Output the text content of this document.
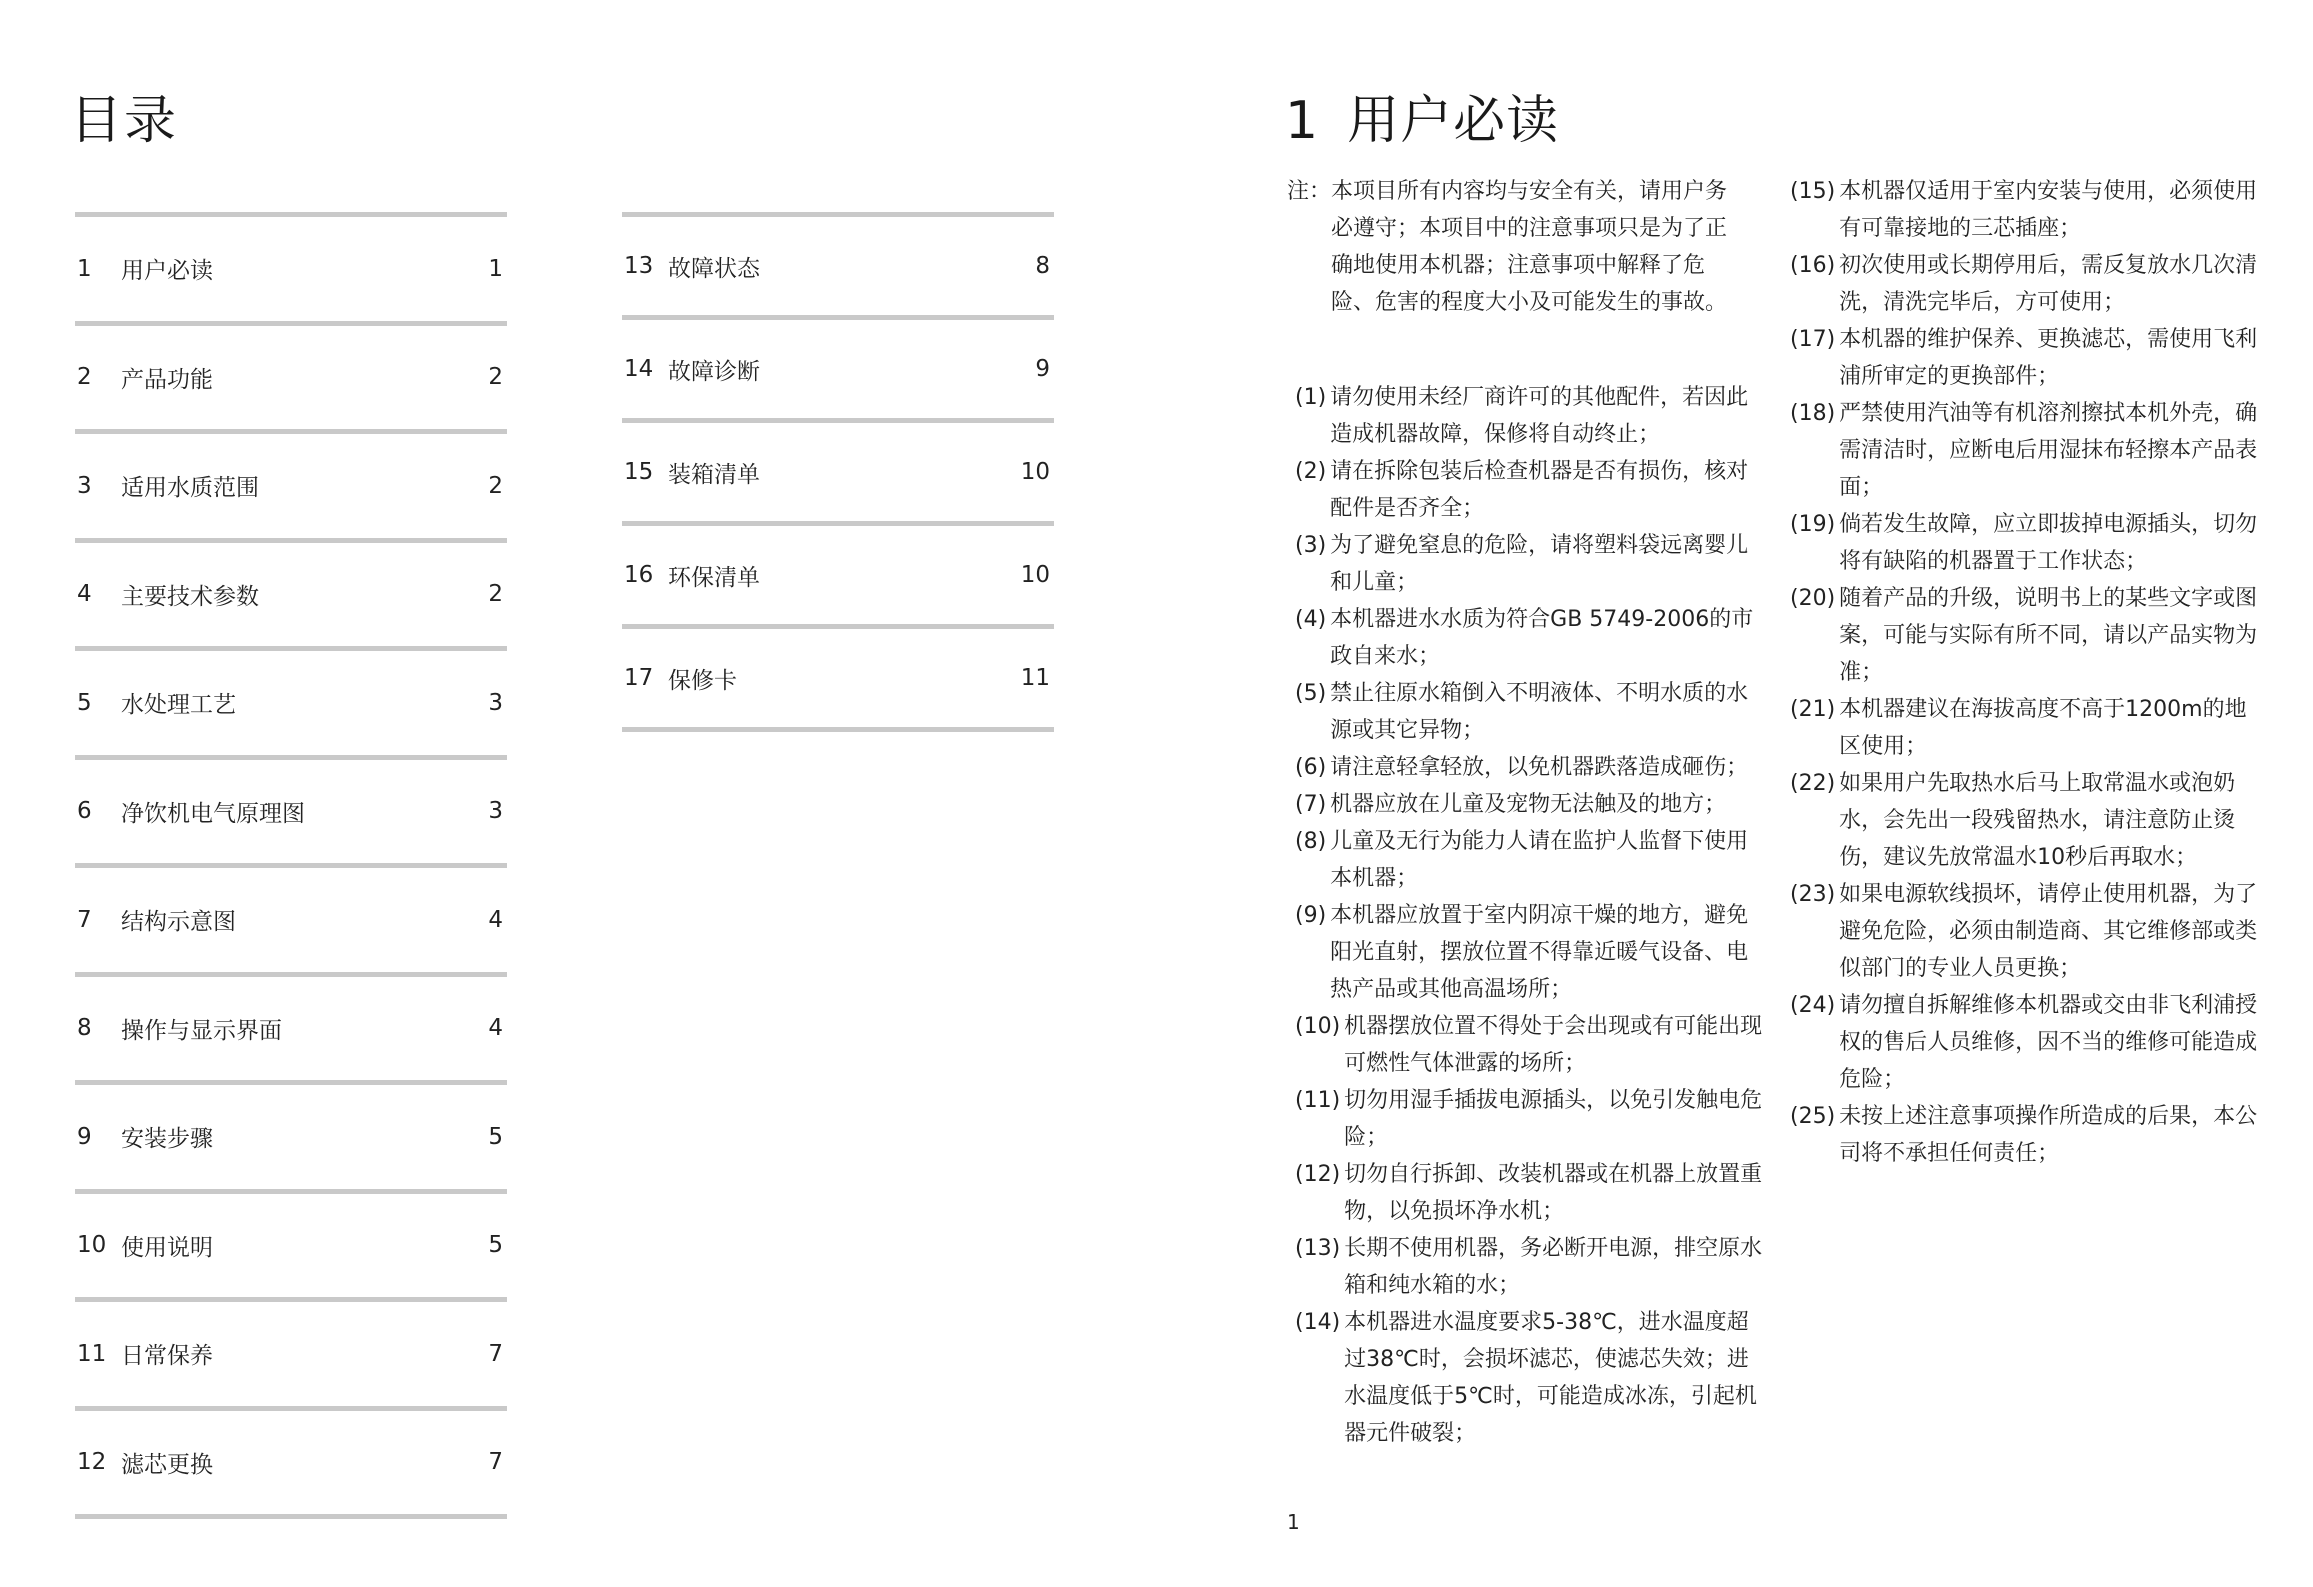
目录
1	用户必读	1
2	产品功能	2
3	适用水质范围	2
4	主要技术参数	2
5	水处理工艺	3
6	净饮机电气原理图	3
7	结构示意图	4
8	操作与显示界面	4
9	安装步骤	5
10 使用说明	5
11 日常保养	7
12 滤芯更换	7
13 故障状态	8
14 故障诊断	9
15 装箱清单	10
16 环保清单	10
17 保修卡	11
1 用户必读
注： 本项目所有内容均与安全有关，请用户务必遵守；本项目中的注意事项只是为了正确地使用本机器；注意事项中解释了危险、危害的程度大小及可能发生的事故。
(1) 请勿使用未经厂商许可的其他配件，若因此造成机器故障，保修将自动终止；
(2) 请在拆除包装后检查机器是否有损伤，核对配件是否齐全；
(3) 为了避免窒息的危险，请将塑料袋远离婴儿和儿童；
(4) 本机器进水水质为符合GB 5749-2006的市政自来水；
(5) 禁止往原水箱倒入不明液体、不明水质的水源或其它异物；
(6) 请注意轻拿轻放，以免机器跌落造成砸伤；
(7) 机器应放在儿童及宠物无法触及的地方；
(8) 儿童及无行为能力人请在监护人监督下使用本机器；
(9) 本机器应放置于室内阴凉干燥的地方，避免阳光直射，摆放位置不得靠近暖气设备、电热产品或其他高温场所；
(10) 机器摆放位置不得处于会出现或有可能出现可燃性气体泄露的场所；
(11) 切勿用湿手插拔电源插头，以免引发触电危险；
(12) 切勿自行拆卸、改装机器或在机器上放置重物，以免损坏净水机；
(13) 长期不使用机器，务必断开电源，排空原水箱和纯水箱的水；
(14) 本机器进水温度要求5-38℃，进水温度超过38℃时，会损坏滤芯，使滤芯失效；进水温度低于5℃时，可能造成冰冻，引起机器元件破裂；
(15) 本机器仅适用于室内安装与使用，必须使用有可靠接地的三芯插座；
(16) 初次使用或长期停用后，需反复放水几次清洗，清洗完毕后，方可使用；
(17) 本机器的维护保养、更换滤芯，需使用飞利浦所审定的更换部件；
(18) 严禁使用汽油等有机溶剂擦拭本机外壳，确需清洁时，应断电后用湿抹布轻擦本产品表面；
(19) 倘若发生故障，应立即拔掉电源插头，切勿将有缺陷的机器置于工作状态；
(20) 随着产品的升级，说明书上的某些文字或图案，可能与实际有所不同，请以产品实物为准；
(21) 本机器建议在海拔高度不高于1200m的地区使用；
(22) 如果用户先取热水后马上取常温水或泡奶水，会先出一段残留热水，请注意防止烫伤，建议先放常温水10秒后再取水；
(23) 如果电源软线损坏，请停止使用机器，为了避免危险，必须由制造商、其它维修部或类似部门的专业人员更换；
(24) 请勿擅自拆解维修本机器或交由非飞利浦授权的售后人员维修，因不当的维修可能造成危险；
(25) 未按上述注意事项操作所造成的后果，本公司将不承担任何责任；
1
